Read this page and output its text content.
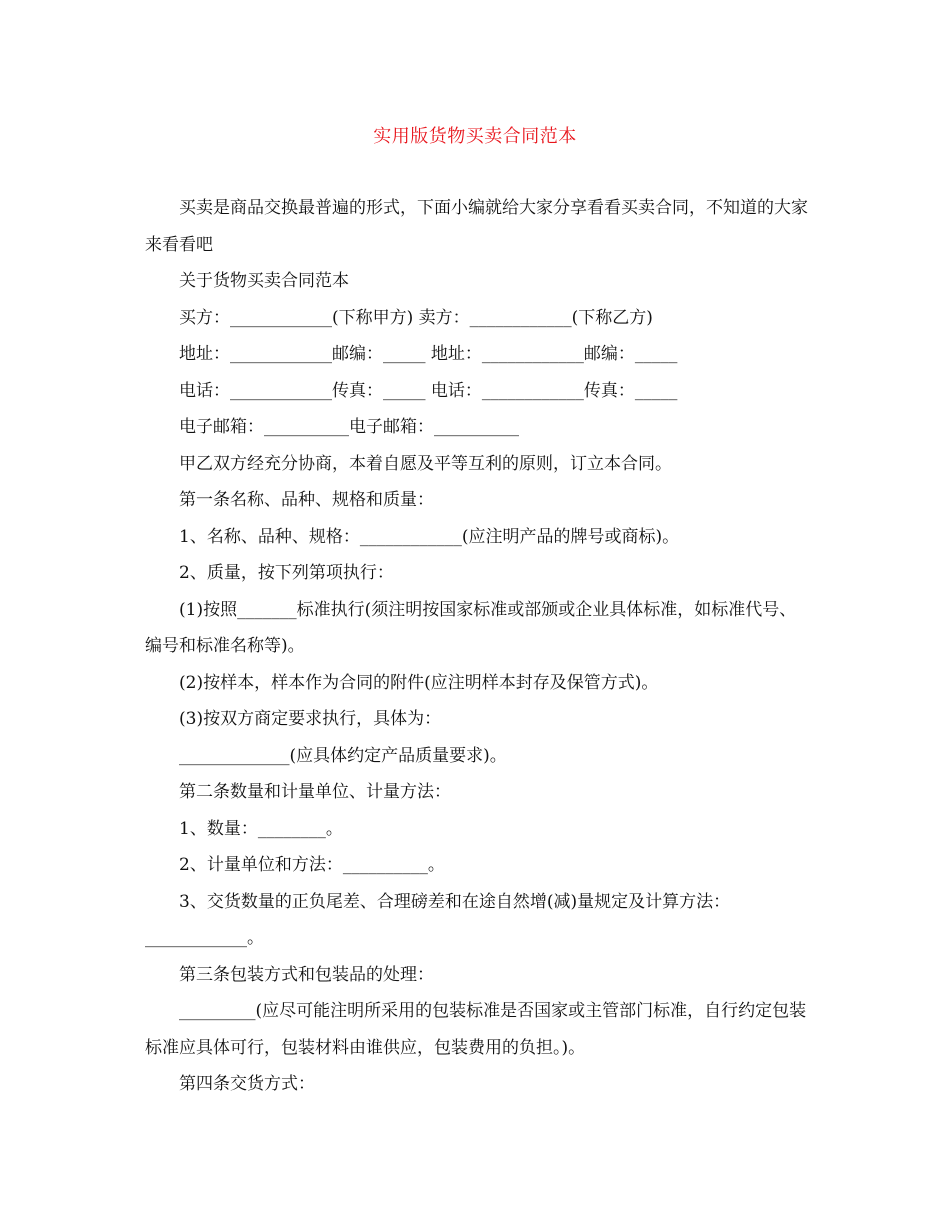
实用版货物买卖合同范本

买卖是商品交换最普遍的形式，下面小编就给大家分享看看买卖合同，不知道的大家来看看吧

关于货物买卖合同范本

买方：____________(下称甲方) 卖方：____________(下称乙方)

地址：____________邮编：_____ 地址：____________邮编：_____

电话：____________传真：_____ 电话：____________传真：_____

电子邮箱：__________电子邮箱：__________

甲乙双方经充分协商，本着自愿及平等互利的原则，订立本合同。

第一条名称、品种、规格和质量：

1、名称、品种、规格：____________(应注明产品的牌号或商标)。

2、质量，按下列第项执行：

(1)按照_______标准执行(须注明按国家标准或部颁或企业具体标准，如标准代号、编号和标准名称等)。

(2)按样本，样本作为合同的附件(应注明样本封存及保管方式)。

(3)按双方商定要求执行，具体为：

_____________(应具体约定产品质量要求)。

第二条数量和计量单位、计量方法：

1、数量：________。

2、计量单位和方法：__________。

3、交货数量的正负尾差、合理磅差和在途自然增(减)量规定及计算方法：

____________。

第三条包装方式和包装品的处理：

_________(应尽可能注明所采用的包装标准是否国家或主管部门标准，自行约定包装标准应具体可行，包装材料由谁供应，包装费用的负担。)。

第四条交货方式：
